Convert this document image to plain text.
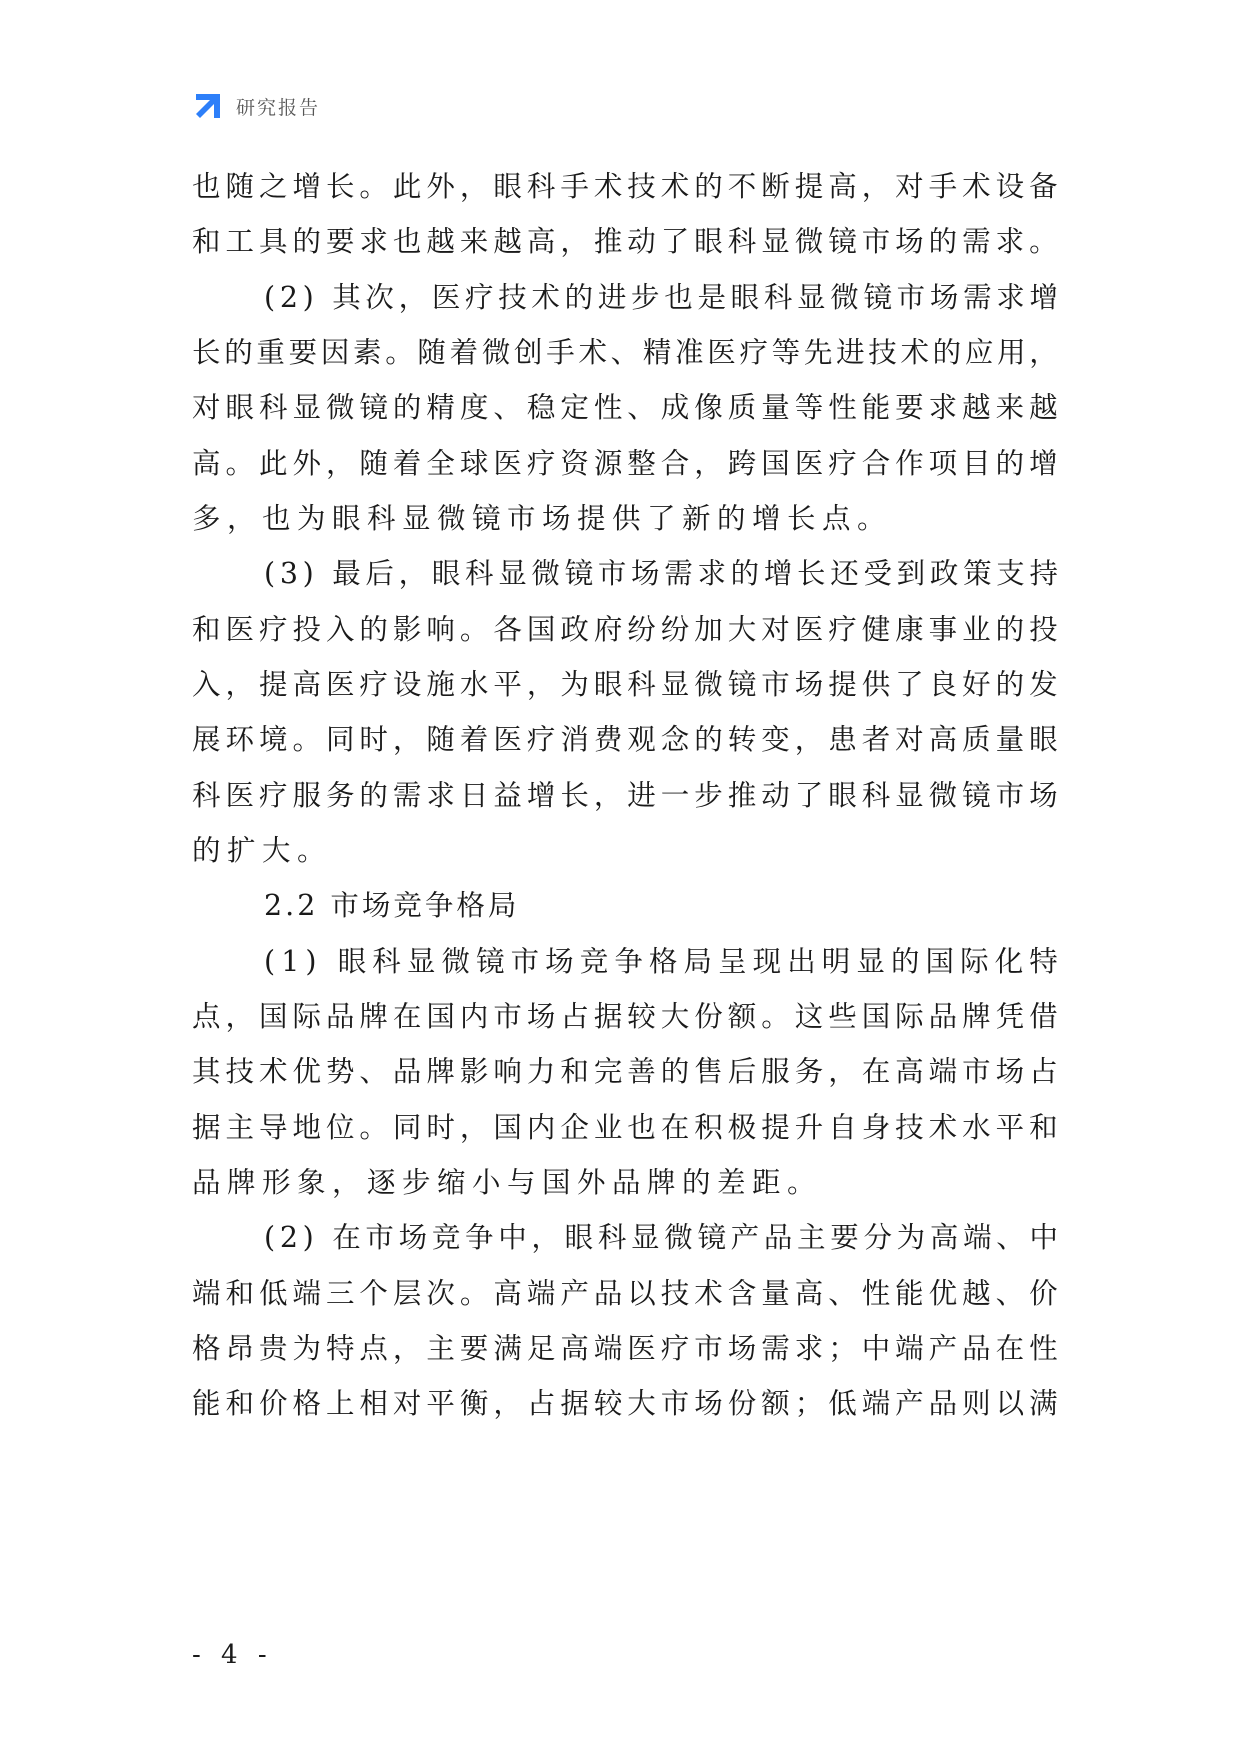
研究报告
也 随 之 增 长 。 此 外 ， 眼 科 手 术 技 术 的 不 断 提 高 ， 对 手 术 设 备
和 工 具 的 要 求 也 越 来 越 高 ， 推 动 了 眼 科 显 微 镜 市 场 的 需 求 。
( 2 )
其 次 ， 医 疗 技 术 的 进 步 也 是 眼 科 显 微 镜 市 场 需 求 增
长 的 重 要 因 素 。 随 着 微 创 手 术 、 精 准 医 疗 等 先 进 技 术 的 应 用 ，
对 眼 科 显 微 镜 的 精 度 、 稳 定 性 、 成 像 质 量 等 性 能 要 求 越 来 越
高 。 此 外 ， 随 着 全 球 医 疗 资 源 整 合 ， 跨 国 医 疗 合 作 项 目 的 增
多，也为眼科显微镜市场提供了新的增长点。
( 3 )
最 后 ， 眼 科 显 微 镜 市 场 需 求 的 增 长 还 受 到 政 策 支 持
和 医 疗 投 入 的 影 响 。 各 国 政 府 纷 纷 加 大 对 医 疗 健 康 事 业 的 投
入 ， 提 高 医 疗 设 施 水 平 ， 为 眼 科 显 微 镜 市 场 提 供 了 良 好 的 发
展 环 境 。 同 时 ， 随 着 医 疗 消 费 观 念 的 转 变 ， 患 者 对 高 质 量 眼
科 医 疗 服 务 的 需 求 日 益 增 长 ， 进 一 步 推 动 了 眼 科 显 微 镜 市 场
的扩大。
2.2 市场竞争格局
( 1 )
眼 科 显 微 镜 市 场 竞 争 格 局 呈 现 出 明 显 的 国 际 化 特
点 ， 国 际 品 牌 在 国 内 市 场 占 据 较 大 份 额 。 这 些 国 际 品 牌 凭 借
其 技 术 优 势 、 品 牌 影 响 力 和 完 善 的 售 后 服 务 ， 在 高 端 市 场 占
据 主 导 地 位 。 同 时 ， 国 内 企 业 也 在 积 极 提 升 自 身 技 术 水 平 和
品牌形象，逐步缩小与国外品牌的差距。
( 2 )
在 市 场 竞 争 中 ， 眼 科 显 微 镜 产 品 主 要 分 为 高 端 、 中
端 和 低 端 三 个 层 次 。 高 端 产 品 以 技 术 含 量 高 、 性 能 优 越 、 价
格 昂 贵 为 特 点 ， 主 要 满 足 高 端 医 疗 市 场 需 求 ； 中 端 产 品 在 性
能 和 价 格 上 相 对 平 衡 ， 占 据 较 大 市 场 份 额 ； 低 端 产 品 则 以 满
- 4 -
